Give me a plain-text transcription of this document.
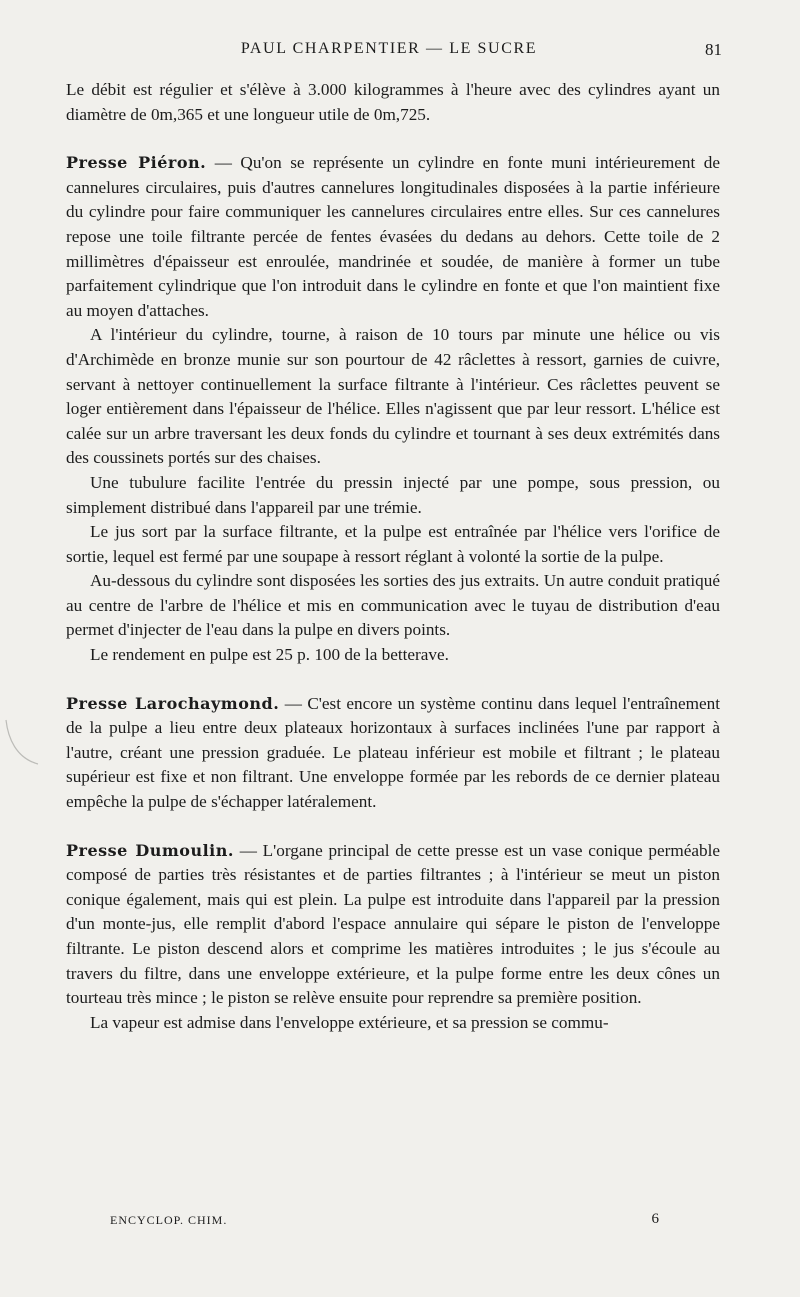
PAUL CHARPENTIER — LE SUCRE	81

Le débit est régulier et s'élève à 3.000 kilogrammes à l'heure avec des cylindres ayant un diamètre de 0m,365 et une longueur utile de 0m,725.

Presse Piéron. — Qu'on se représente un cylindre en fonte muni intérieurement de cannelures circulaires, puis d'autres cannelures longitudinales disposées à la partie inférieure du cylindre pour faire communiquer les cannelures circulaires entre elles. Sur ces cannelures repose une toile filtrante percée de fentes évasées du dedans au dehors. Cette toile de 2 millimètres d'épaisseur est enroulée, mandrinée et soudée, de manière à former un tube parfaitement cylindrique que l'on introduit dans le cylindre en fonte et que l'on maintient fixe au moyen d'attaches.

A l'intérieur du cylindre, tourne, à raison de 10 tours par minute une hélice ou vis d'Archimède en bronze munie sur son pourtour de 42 râclettes à ressort, garnies de cuivre, servant à nettoyer continuellement la surface filtrante à l'intérieur. Ces râclettes peuvent se loger entièrement dans l'épaisseur de l'hélice. Elles n'agissent que par leur ressort. L'hélice est calée sur un arbre traversant les deux fonds du cylindre et tournant à ses deux extrémités dans des coussinets portés sur des chaises.

Une tubulure facilite l'entrée du pressin injecté par une pompe, sous pression, ou simplement distribué dans l'appareil par une trémie.

Le jus sort par la surface filtrante, et la pulpe est entraînée par l'hélice vers l'orifice de sortie, lequel est fermé par une soupape à ressort réglant à volonté la sortie de la pulpe.

Au-dessous du cylindre sont disposées les sorties des jus extraits. Un autre conduit pratiqué au centre de l'arbre de l'hélice et mis en communication avec le tuyau de distribution d'eau permet d'injecter de l'eau dans la pulpe en divers points.

Le rendement en pulpe est 25 p. 100 de la betterave.

Presse Larochaymond. — C'est encore un système continu dans lequel l'entraînement de la pulpe a lieu entre deux plateaux horizontaux à surfaces inclinées l'une par rapport à l'autre, créant une pression graduée. Le plateau inférieur est mobile et filtrant ; le plateau supérieur est fixe et non filtrant. Une enveloppe formée par les rebords de ce dernier plateau empêche la pulpe de s'échapper latéralement.

Presse Dumoulin. — L'organe principal de cette presse est un vase conique perméable composé de parties très résistantes et de parties filtrantes ; à l'intérieur se meut un piston conique également, mais qui est plein. La pulpe est introduite dans l'appareil par la pression d'un monte-jus, elle remplit d'abord l'espace annulaire qui sépare le piston de l'enveloppe filtrante. Le piston descend alors et comprime les matières introduites ; le jus s'écoule au travers du filtre, dans une enveloppe extérieure, et la pulpe forme entre les deux cônes un tourteau très mince ; le piston se relève ensuite pour reprendre sa première position.

La vapeur est admise dans l'enveloppe extérieure, et sa pression se commu-

ENCYCLOP. CHIM.	6
